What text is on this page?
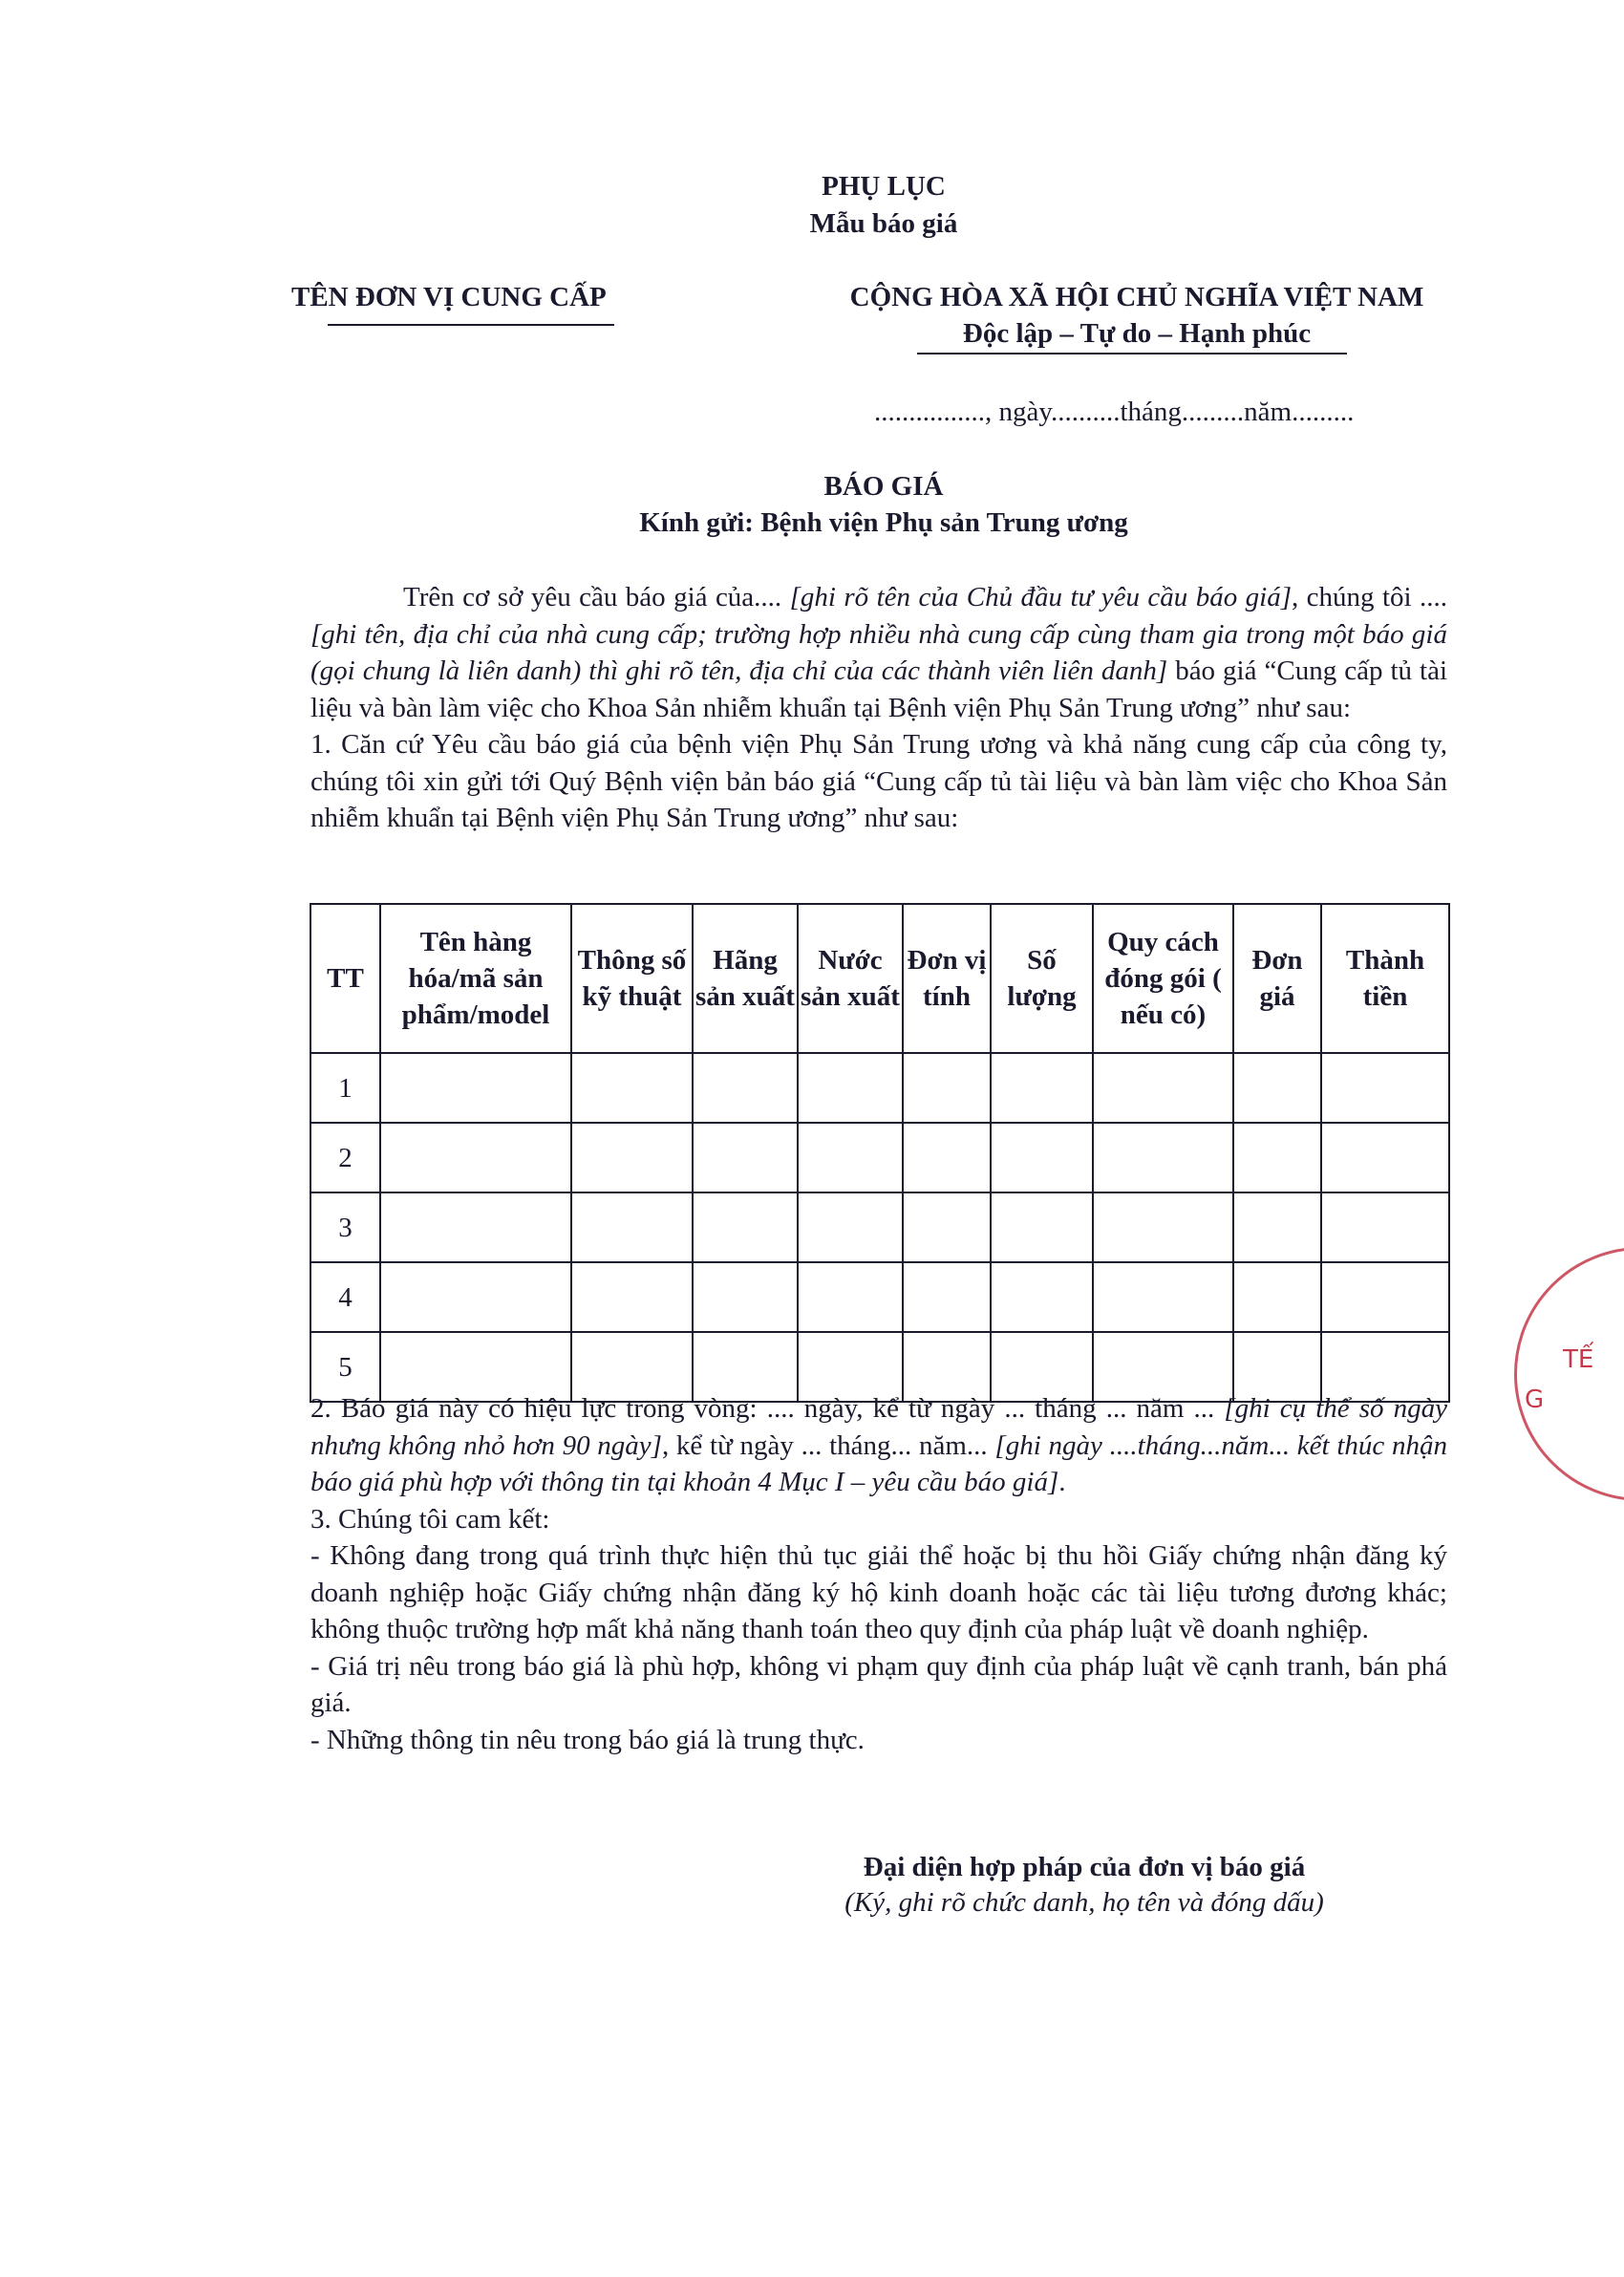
PHỤ LỤC
Mẫu báo giá
TÊN ĐƠN VỊ CUNG CẤP	CỘNG HÒA XÃ HỘI CHỦ NGHĨA VIỆT NAM
Độc lập – Tự do – Hạnh phúc
................, ngày..........tháng.........năm.........
BÁO GIÁ
Kính gửi: Bệnh viện Phụ sản Trung ương

Trên cơ sở yêu cầu báo giá của.... [ghi rõ tên của Chủ đầu tư yêu cầu báo giá], chúng tôi .... [ghi tên, địa chỉ của nhà cung cấp; trường hợp nhiều nhà cung cấp cùng tham gia trong một báo giá (gọi chung là liên danh) thì ghi rõ tên, địa chỉ của các thành viên liên danh] báo giá “Cung cấp tủ tài liệu và bàn làm việc cho Khoa Sản nhiễm khuẩn tại Bệnh viện Phụ Sản Trung ương” như sau:

1. Căn cứ Yêu cầu báo giá của bệnh viện Phụ Sản Trung ương và khả năng cung cấp của công ty, chúng tôi xin gửi tới Quý Bệnh viện bản báo giá “Cung cấp tủ tài liệu và bàn làm việc cho Khoa Sản nhiễm khuẩn tại Bệnh viện Phụ Sản Trung ương” như sau:

TT	Tên hàng hóa/mã sản phẩm/model	Thông số kỹ thuật	Hãng sản xuất	Nước sản xuất	Đơn vị tính	Số lượng	Quy cách đóng gói ( nếu có)	Đơn giá	Thành tiền
1									
2									
3									
4									
5									

2. Báo giá này có hiệu lực trong vòng: .... ngày, kể từ ngày ... tháng ... năm ... [ghi cụ thể số ngày nhưng không nhỏ hơn 90 ngày], kể từ ngày ... tháng... năm... [ghi ngày ....tháng...năm... kết thúc nhận báo giá phù hợp với thông tin tại khoản 4 Mục I – yêu cầu báo giá].

3. Chúng tôi cam kết:

- Không đang trong quá trình thực hiện thủ tục giải thể hoặc bị thu hồi Giấy chứng nhận đăng ký doanh nghiệp hoặc Giấy chứng nhận đăng ký hộ kinh doanh hoặc các tài liệu tương đương khác; không thuộc trường hợp mất khả năng thanh toán theo quy định của pháp luật về doanh nghiệp.

- Giá trị nêu trong báo giá là phù hợp, không vi phạm quy định của pháp luật về cạnh tranh, bán phá giá.

- Những thông tin nêu trong báo giá là trung thực.

Đại diện hợp pháp của đơn vị báo giá
(Ký, ghi rõ chức danh, họ tên và đóng dấu)
TẾ
G
